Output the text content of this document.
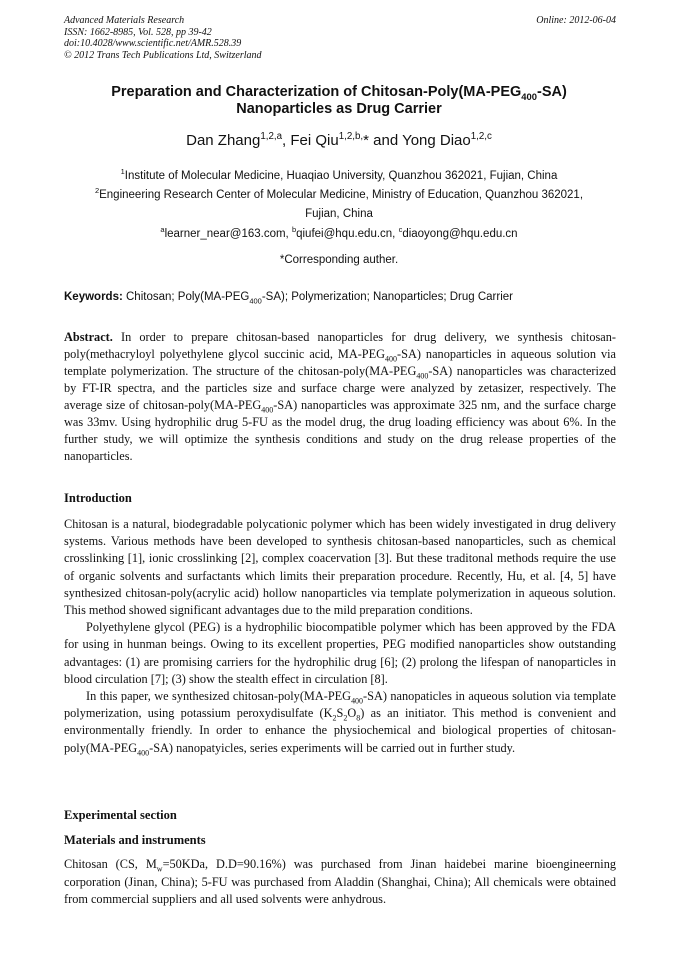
Advanced Materials Research
ISSN: 1662-8985, Vol. 528, pp 39-42
doi:10.4028/www.scientific.net/AMR.528.39
© 2012 Trans Tech Publications Ltd, Switzerland
Online: 2012-06-04
Preparation and Characterization of Chitosan-$Poly(MA-PEG_{400}-SA)$
Nanoparticles as Drug Carrier
Dan Zhang$^{1,2,a}$, Fei Qiu$^{1,2,b,}$* and Yong Diao$^{1,2,c}$
$^1$Institute of Molecular Medicine, Huaqiao University, Quanzhou 362021, Fujian, China
$^2$Engineering Research Center of Molecular Medicine, Ministry of Education, Quanzhou 362021,
Fujian, China
$^a$learner_near@163.com, $^b$qiufei@hqu.edu.cn, $^c$diaoyong@hqu.edu.cn
*Corresponding auther.
Keywords: Chitosan; $Poly(MA-PEG_{400}-SA)$; Polymerization; Nanoparticles; Drug Carrier
Abstract. In order to prepare chitosan-based nanoparticles for drug delivery, we synthesis chitosan-poly(methacryloyl polyethylene glycol succinic acid, $MA-PEG_{400}-SA$) nanoparticles in aqueous solution via template polymerization. The structure of the chitosan-$poly(MA-PEG_{400}-SA)$ nanoparticles was characterized by FT-IR spectra, and the particles size and surface charge were analyzed by zetasizer, respectively. The average size of chitosan-$poly(MA-PEG_{400}-SA)$ nanoparticles was approximate 325 nm, and the surface charge was 33mv. Using hydrophilic drug 5-FU as the model drug, the drug loading efficiency was about 6%. In the further study, we will optimize the synthesis conditions and study on the drug release properties of the nanoparticles.
Introduction

Chitosan is a natural, biodegradable polycationic polymer which has been widely investigated in drug delivery systems. Various methods have been developed to synthesis chitosan-based nanoparticles, such as chemical crosslinking [1], ionic crosslinking [2], complex coacervation [3]. But these traditonal methods require the use of organic solvents and surfactants which limits their preparation procedure. Recently, Hu, et al. [4, 5] have synthesized chitosan-poly(acrylic acid) hollow nanoparticles via template polymerization in aqueous solution. This method showed significant advantages due to the mild preparation conditions.

Polyethylene glycol (PEG) is a hydrophilic biocompatible polymer which has been approved by the FDA for using in hunman beings. Owing to its excellent properties, PEG modified nanoparticles show outstanding advantages: (1) are promising carriers for the hydrophilic drug [6]; (2) prolong the lifespan of nanoparticles in blood circulation [7]; (3) show the stealth effect in circulation [8].

In this paper, we synthesized chitosan-$poly(MA-PEG_{400}-SA)$ nanopaticles in aqueous solution via template polymerization, using potassium peroxydisulfate $(K_2S_2O_8)$ as an initiator. This method is convenient and environmentally friendly. In order to enhance the physiochemical and biological properties of chitosan-$poly(MA-PEG_{400}-SA)$ nanopatyicles, series experiments will be carried out in further study.

Experimental section
Materials and instruments
Chitosan (CS, $M_w=50KDa$, D.D=90.16%) was purchased from Jinan haidebei marine bioengineerning corporation (Jinan, China); 5-FU was purchased from Aladdin (Shanghai, China); All chemicals were obtained from commercial suppliers and all used solvents were anhydrous.
